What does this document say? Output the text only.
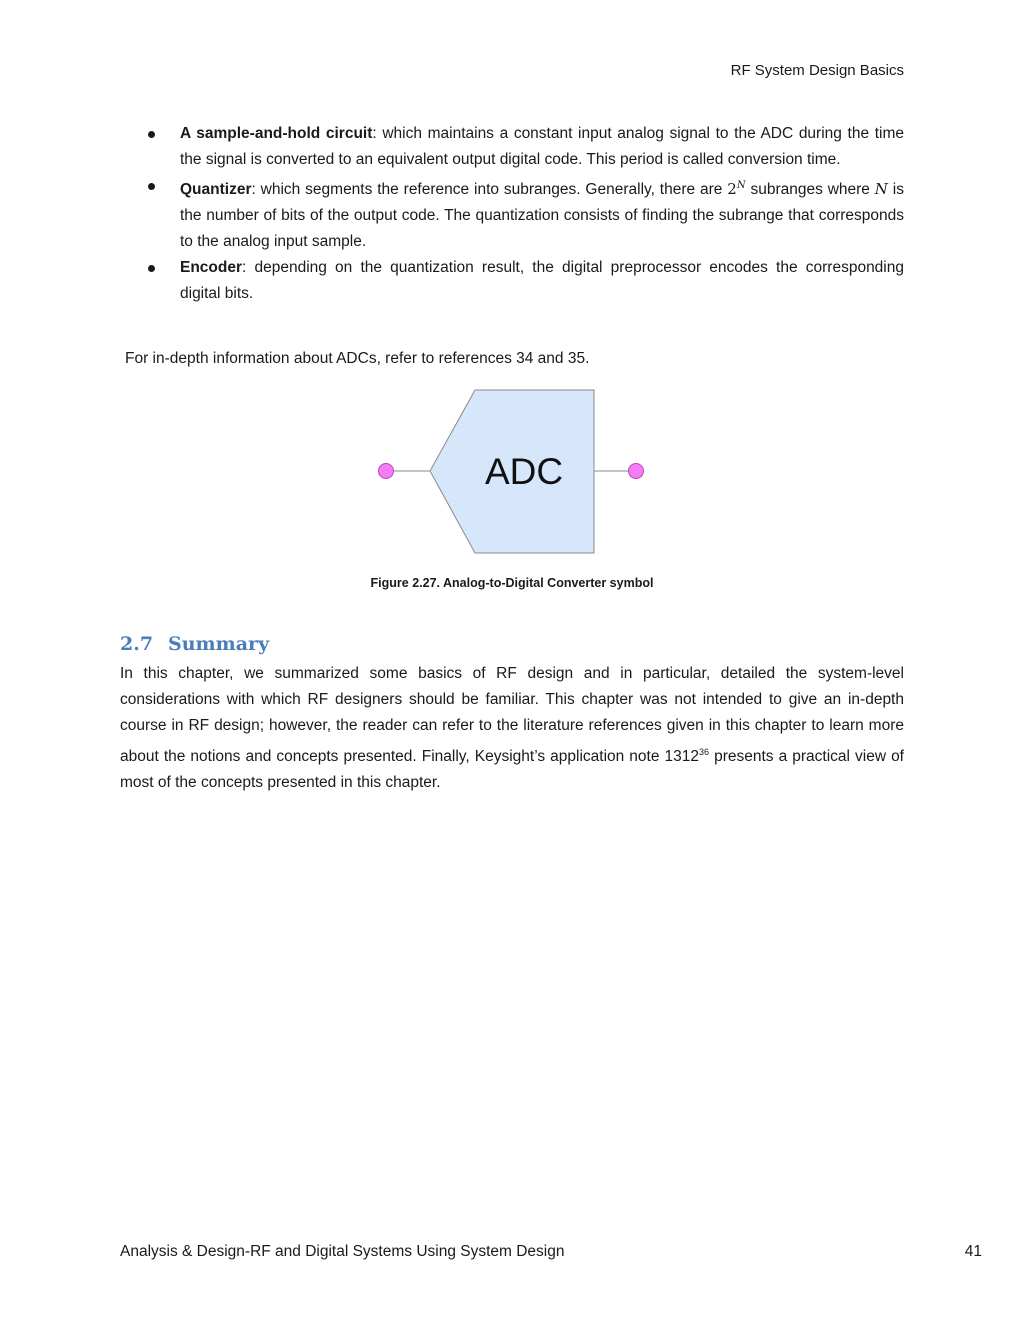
RF System Design Basics
A sample-and-hold circuit: which maintains a constant input analog signal to the ADC during the time the signal is converted to an equivalent output digital code. This period is called conversion time.
Quantizer: which segments the reference into subranges. Generally, there are $2^N$ subranges where N is the number of bits of the output code. The quantization consists of finding the subrange that corresponds to the analog input sample.
Encoder: depending on the quantization result, the digital preprocessor encodes the corresponding digital bits.
For in-depth information about ADCs, refer to references 34 and 35.
ADC
Figure 2.27. Analog-to-Digital Converter symbol
2.7 Summary

In this chapter, we summarized some basics of RF design and in particular, detailed the system-level considerations with which RF designers should be familiar. This chapter was not intended to give an in-depth course in RF design; however, the reader can refer to the literature references given in this chapter to learn more about the notions and concepts presented. Finally, Keysight’s application note 1312$^{36}$ presents a practical view of most of the concepts presented in this chapter.

Analysis & Design-RF and Digital Systems Using System Design	41
